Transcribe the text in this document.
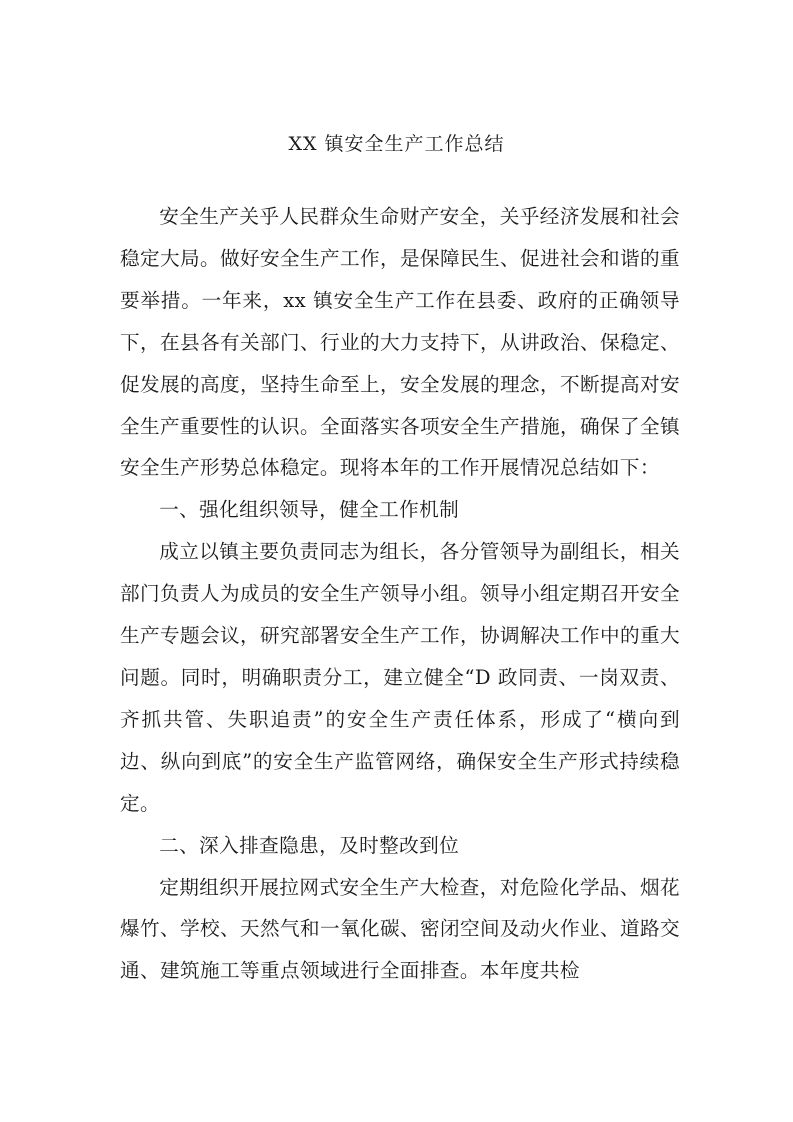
XX 镇安全生产工作总结

安全生产关乎人民群众生命财产安全，关乎经济发展和社会稳定大局。做好安全生产工作，是保障民生、促进社会和谐的重要举措。一年来，xx 镇安全生产工作在县委、政府的正确领导下，在县各有关部门、行业的大力支持下，从讲政治、保稳定、促发展的高度，坚持生命至上，安全发展的理念，不断提高对安全生产重要性的认识。全面落实各项安全生产措施，确保了全镇安全生产形势总体稳定。现将本年的工作开展情况总结如下：

一、强化组织领导，健全工作机制

成立以镇主要负责同志为组长，各分管领导为副组长，相关部门负责人为成员的安全生产领导小组。领导小组定期召开安全生产专题会议，研究部署安全生产工作，协调解决工作中的重大问题。同时，明确职责分工，建立健全“D 政同责、一岗双责、齐抓共管、失职追责”的安全生产责任体系，形成了“横向到边、纵向到底”的安全生产监管网络，确保安全生产形式持续稳定。

二、深入排查隐患，及时整改到位

定期组织开展拉网式安全生产大检查，对危险化学品、烟花爆竹、学校、天然气和一氧化碳、密闭空间及动火作业、道路交通、建筑施工等重点领域进行全面排查。本年度共检
